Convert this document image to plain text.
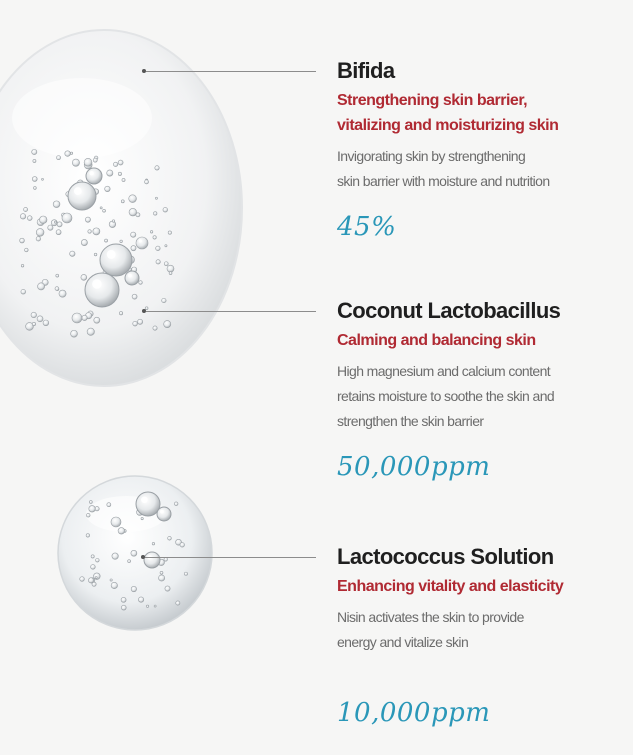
Bifida
Strengthening skin barrier,
vitalizing and moisturizing skin
Invigorating skin by strengthening
skin barrier with moisture and nutrition
45%
Coconut Lactobacillus
Calming and balancing skin
High magnesium and calcium content
retains moisture to soothe the skin and
strengthen the skin barrier
50,000ppm
Lactococcus Solution
Enhancing vitality and elasticity
Nisin activates the skin to provide
energy and vitalize skin
10,000ppm
